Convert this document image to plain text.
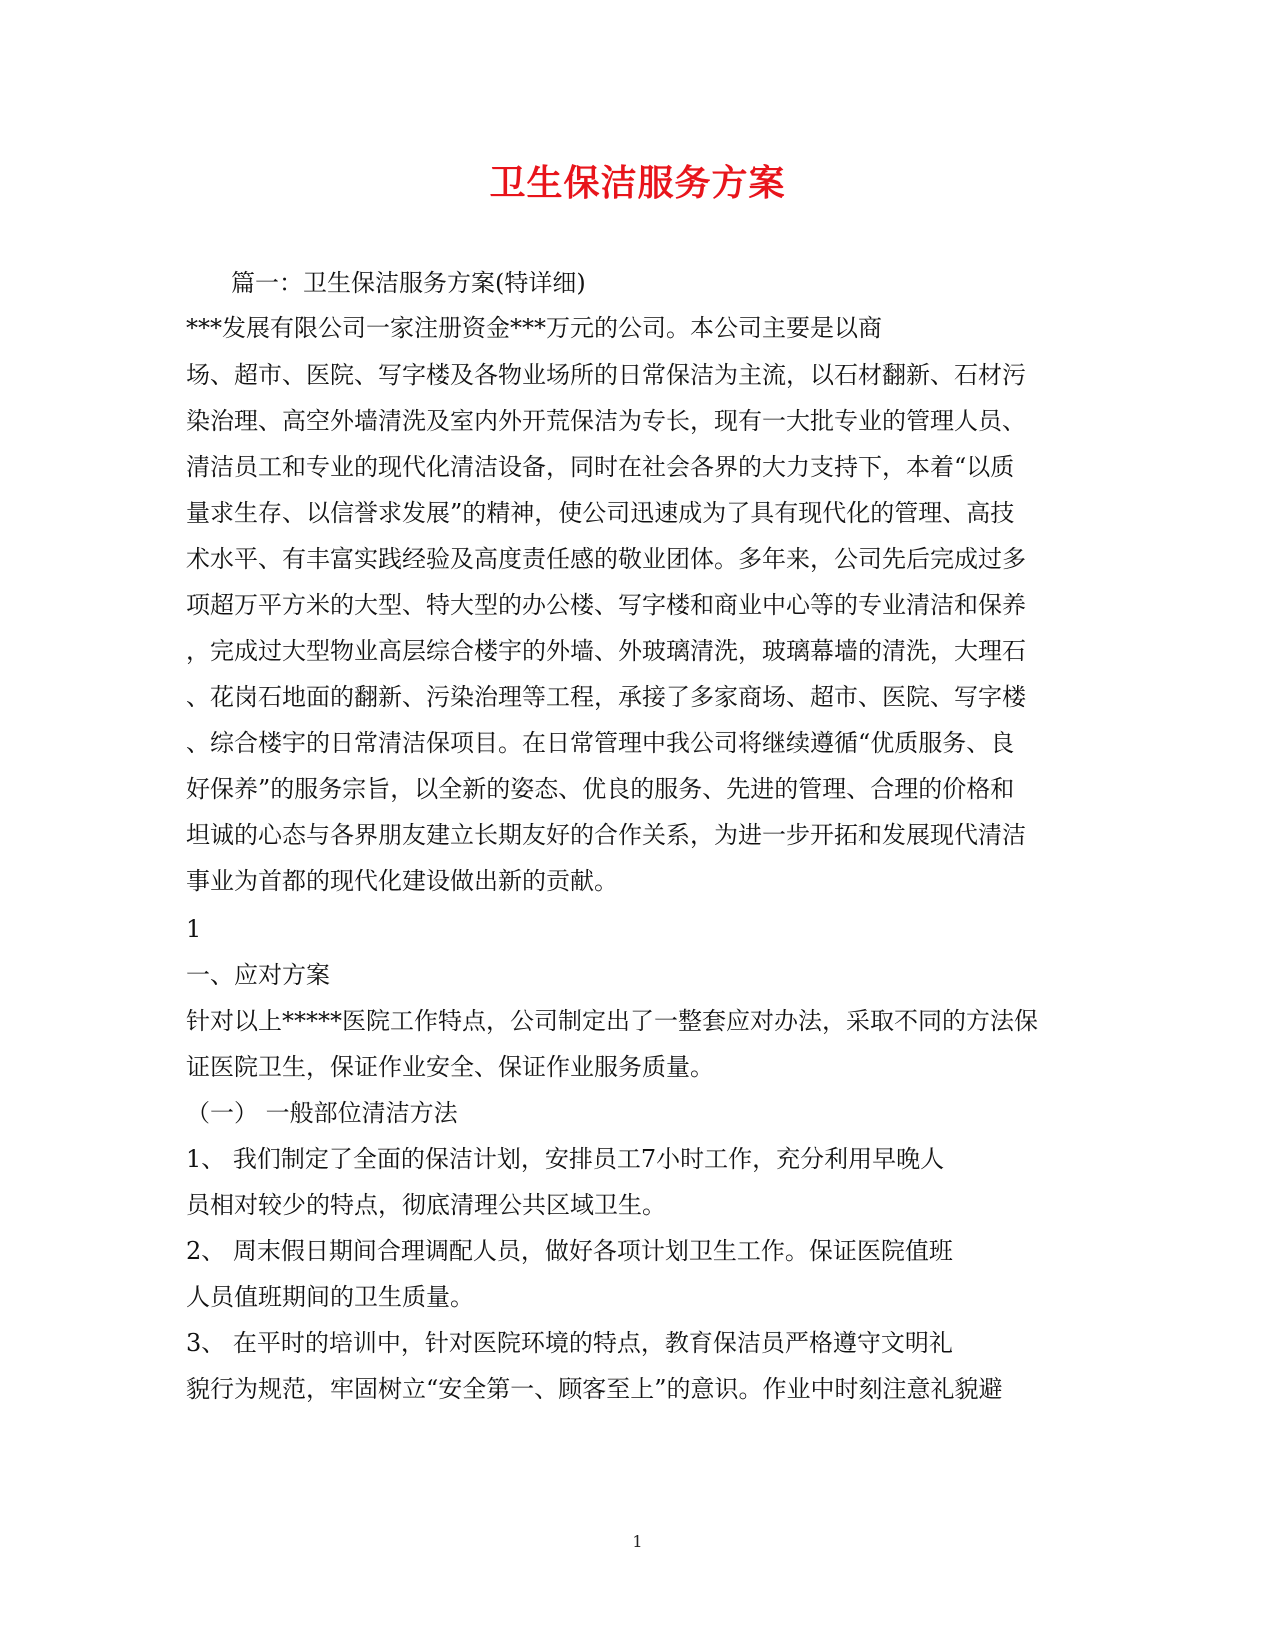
卫生保洁服务方案
篇一：卫生保洁服务方案(特详细)
***发展有限公司一家注册资金***万元的公司。本公司主要是以商
场、超市、医院、写字楼及各物业场所的日常保洁为主流，以石材翻新、石材污
染治理、高空外墙清洗及室内外开荒保洁为专长，现有一大批专业的管理人员、
清洁员工和专业的现代化清洁设备，同时在社会各界的大力支持下，本着“以质
量求生存、以信誉求发展”的精神，使公司迅速成为了具有现代化的管理、高技
术水平、有丰富实践经验及高度责任感的敬业团体。多年来，公司先后完成过多
项超万平方米的大型、特大型的办公楼、写字楼和商业中心等的专业清洁和保养
，完成过大型物业高层综合楼宇的外墙、外玻璃清洗，玻璃幕墙的清洗，大理石
、花岗石地面的翻新、污染治理等工程，承接了多家商场、超市、医院、写字楼
、综合楼宇的日常清洁保项目。在日常管理中我公司将继续遵循“优质服务、良
好保养”的服务宗旨，以全新的姿态、优良的服务、先进的管理、合理的价格和
坦诚的心态与各界朋友建立长期友好的合作关系，为进一步开拓和发展现代清洁
事业为首都的现代化建设做出新的贡献。
1
一、应对方案
针对以上*****医院工作特点，公司制定出了一整套应对办法，采取不同的方法保
证医院卫生，保证作业安全、保证作业服务质量。
（一） 一般部位清洁方法
1、 我们制定了全面的保洁计划，安排员工7小时工作，充分利用早晚人
员相对较少的特点，彻底清理公共区域卫生。
2、 周末假日期间合理调配人员，做好各项计划卫生工作。保证医院值班
人员值班期间的卫生质量。
3、 在平时的培训中，针对医院环境的特点，教育保洁员严格遵守文明礼
貌行为规范，牢固树立“安全第一、顾客至上”的意识。作业中时刻注意礼貌避
1
